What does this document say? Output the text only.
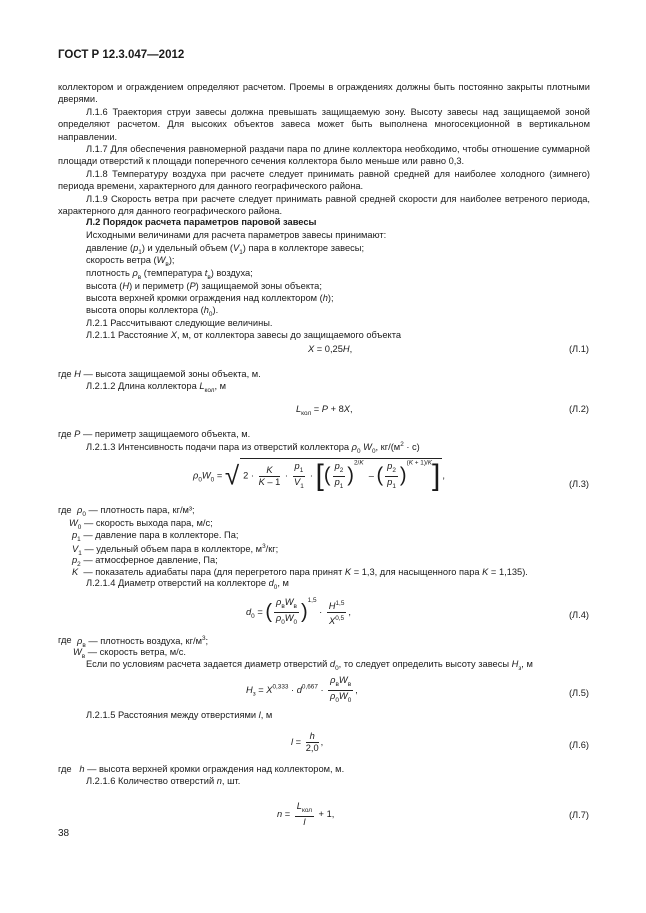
ГОСТ Р 12.3.047—2012
коллектором и ограждением определяют расчетом. Проемы в ограждениях должны быть постоянно закрыты плотными дверями.
Л.1.6 Траектория струи завесы должна превышать защищаемую зону. Высоту завесы над защищаемой зоной определяют расчетом. Для высоких объектов завеса может быть выполнена многосекционной в вертикальном направлении.
Л.1.7 Для обеспечения равномерной раздачи пара по длине коллектора необходимо, чтобы отношение суммарной площади отверстий к площади поперечного сечения коллектора было меньше или равно 0,3.
Л.1.8 Температуру воздуха при расчете следует принимать равной средней для наиболее холодного (зимнего) периода времени, характерного для данного географического района.
Л.1.9 Скорость ветра при расчете следует принимать равной средней скорости для наиболее ветреного периода, характерного для данного географического района.
Л.2 Порядок расчета параметров паровой завесы
Исходными величинами для расчета параметров завесы принимают:
давление $(p_1)$ и удельный объем $(V_1)$ пара в коллекторе завесы;
скорость ветра $(W_в)$;
плотность $\rho_в$ (температура $t_в$) воздуха;
высота (H) и периметр (P) защищаемой зоны объекта;
высота верхней кромки ограждения над коллектором (h);
высота опоры коллектора $(h_0)$.
Л.2.1 Рассчитывают следующие величины.
Л.2.1.1 Расстояние X, м, от коллектора завесы до защищаемого объекта
X = 0,25H,	(Л.1)
где H — высота защищаемой зоны объекта, м.
Л.2.1.2 Длина коллектора $L_{кол}$, м
$L_{кол} = P + 8X$,	(Л.2)
где P — периметр защищаемого объекта, м.
Л.2.1.3 Интенсивность подачи пара из отверстий коллектора $\rho_0$ $W_0$, $кг/(м^2 \cdot с)$
$\rho_0W_0$ = √ $2 \cdot \frac{K}{K - 1} \cdot \frac{p_1}{V_1}$ · [( $\frac{p_2}{p_1} )^{2/K}$  – ( $\frac{p_2}{p_1} )^{(K + 1)/K}$] ,
(Л.3)
где $\rho_0$ — плотность пара, кг/м³;
$W_0$ — скорость выхода пара, м/с;
$p_1$ — давление пара в коллекторе. Па;
$V_1$ — удельный объем пара в коллекторе, $м^3/кг$;
$p_2$ — атмосферное давление, Па;
K  — показатель адиабаты пара (для перегретого пара принят K = 1,3, для насыщенного пара K = 1,135).
Л.2.1.4 Диаметр отверстий на коллекторе $d_0$, м
$d_0$ = ( $\frac{\rho_вW_в}{\rho_0W_0} )^{1,5} \cdot \frac{H^{1,5}}{X^{0,5}}$ ,	(Л.4)
где $\rho_в$ — плотность воздуха, $кг/м^3$;
$W_в$ — скорость ветра, м/с.
Если по условиям расчета задается диаметр отверстий $d_0$, то следует определить высоту завесы $H_з$, м
$H_з = X^{0,333} \cdot d^{0,667} \cdot \frac{\rho_вW_в}{\rho_0W_0}$ ,	(Л.5)
Л.2.1.5 Расстояния между отверстиями l, м
$l = \frac{h}{2,0}$ ,	(Л.6)
где   h — высота верхней кромки ограждения над коллектором, м.
Л.2.1.6 Количество отверстий n, шт.
$n = \frac{L_{кол}}{l} + 1$,	(Л.7)
38
